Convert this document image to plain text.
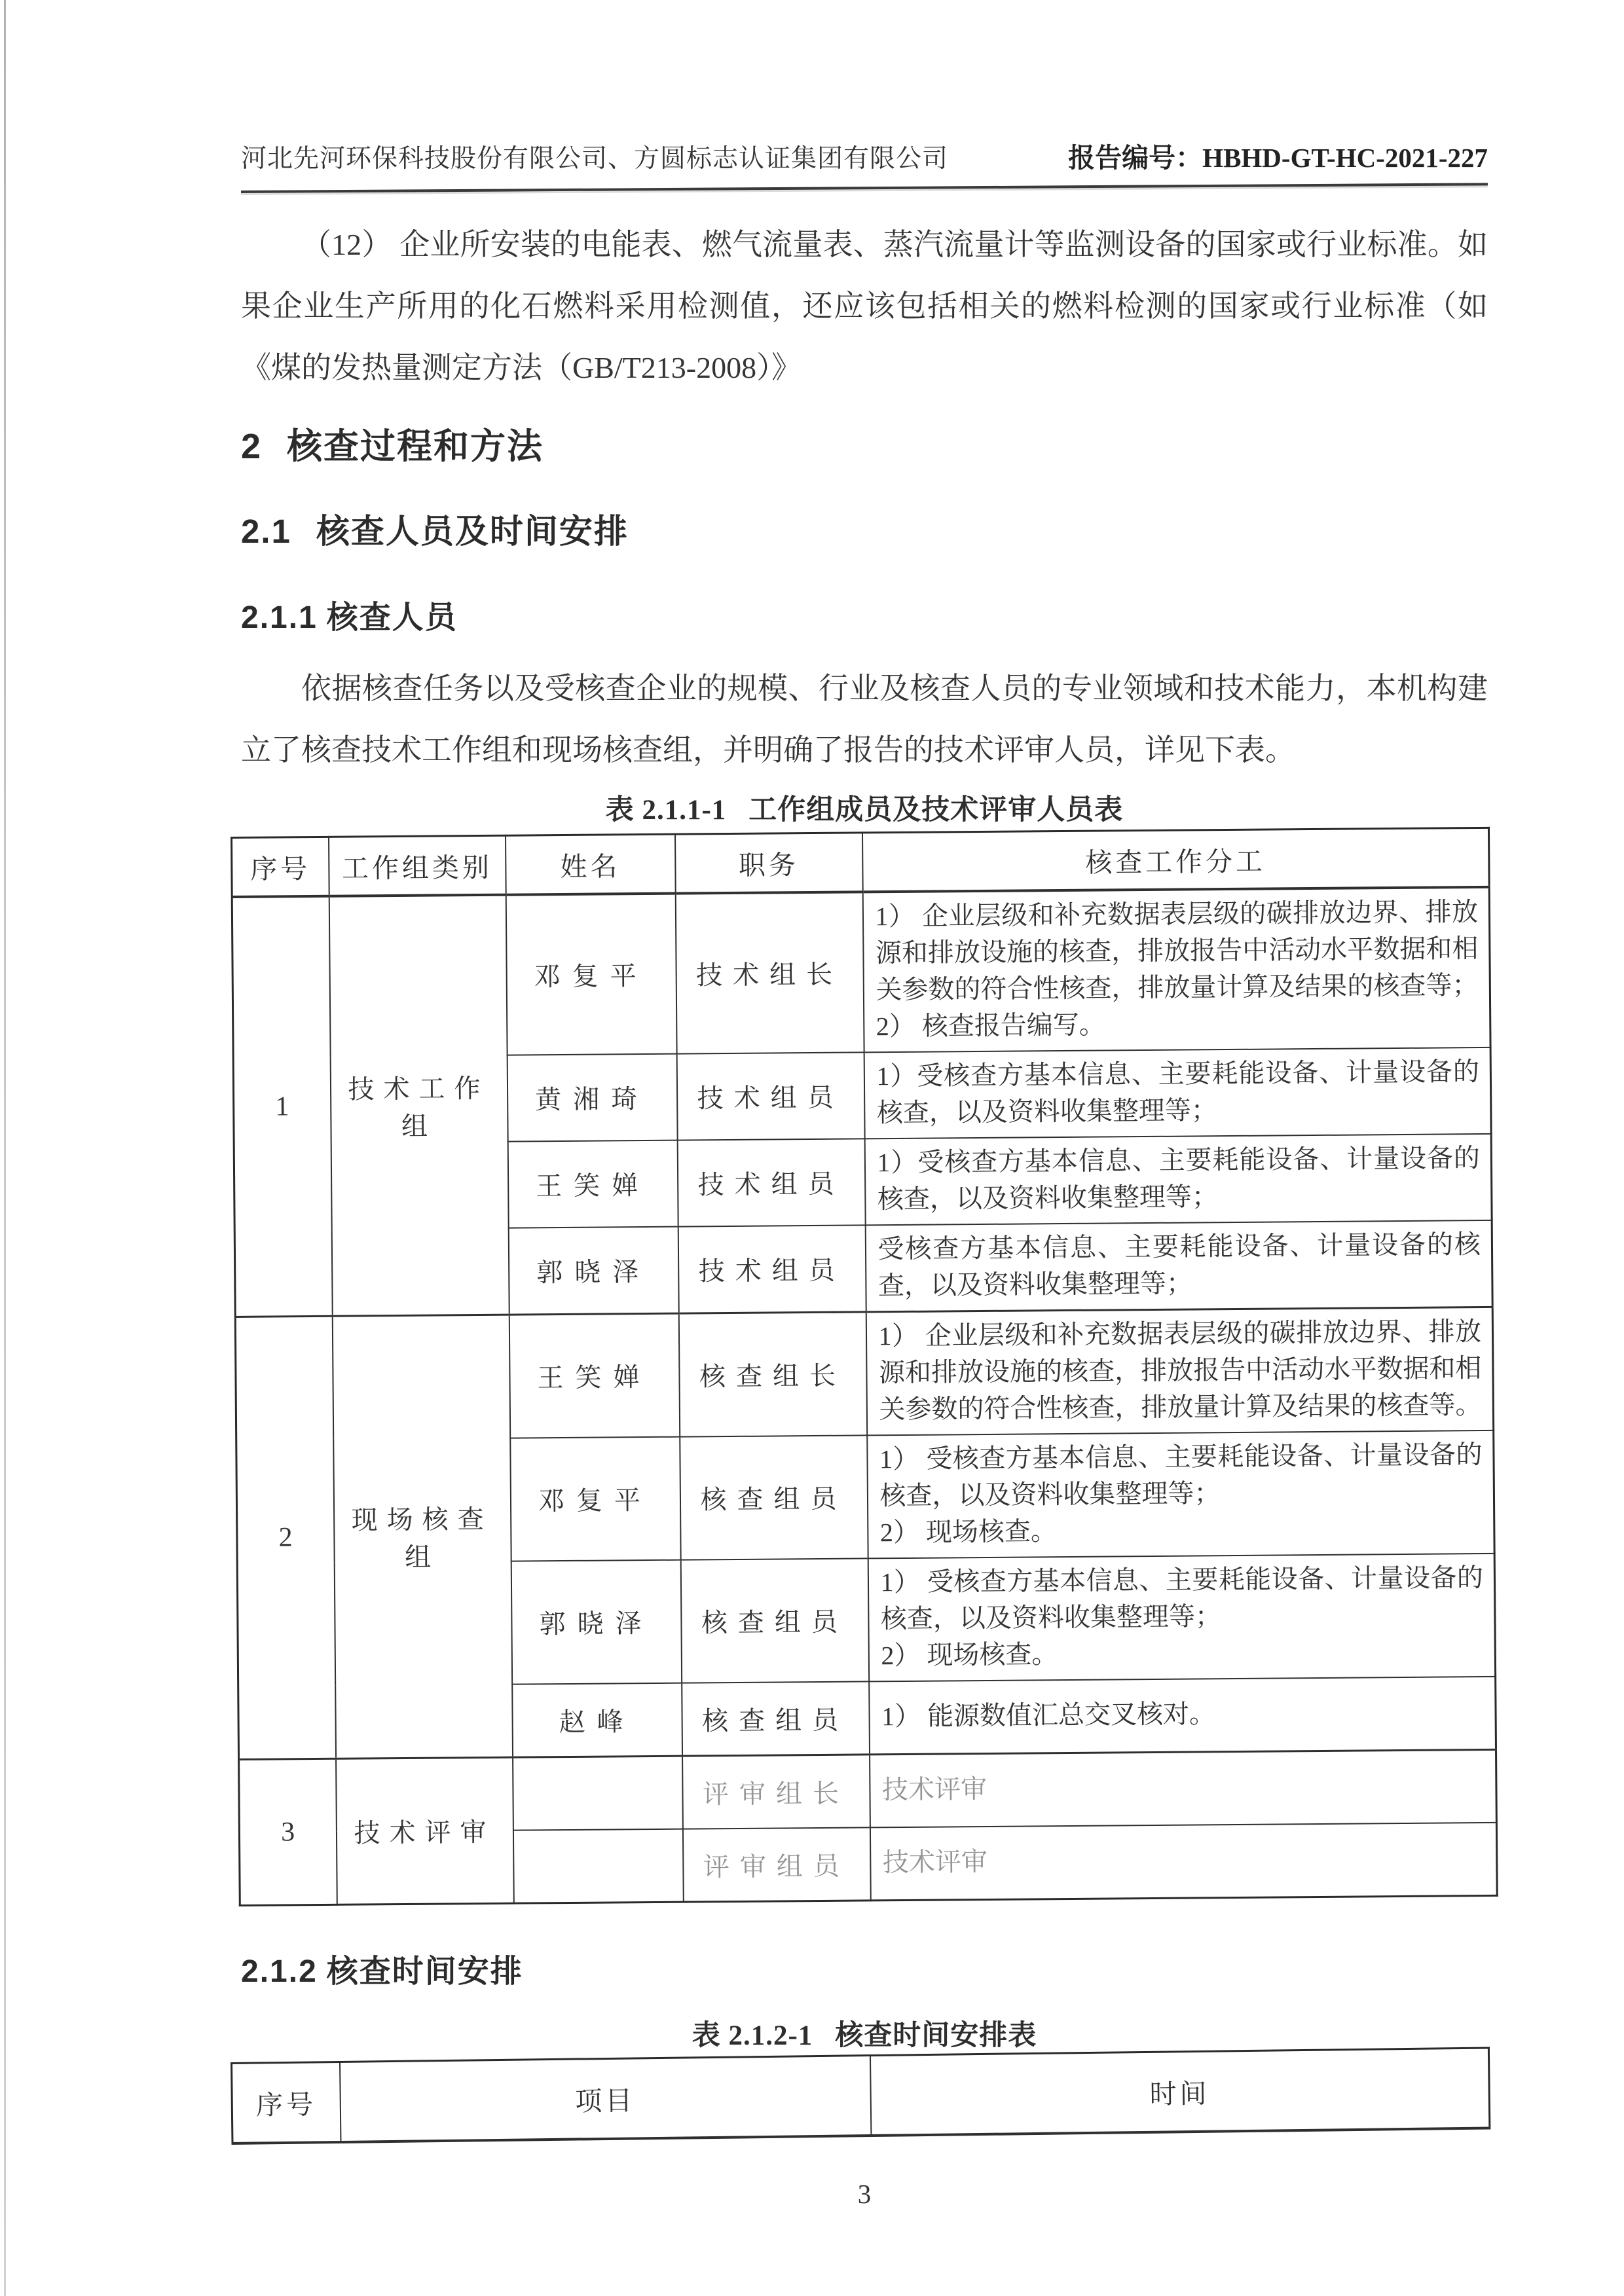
河北先河环保科技股份有限公司、方圆标志认证集团有限公司	报告编号：HBHD-GT-HC-2021-227

（12） 企业所安装的电能表、燃气流量表、蒸汽流量计等监测设备的国家或行业标准。如果企业生产所用的化石燃料采用检测值，还应该包括相关的燃料检测的国家或行业标准（如《煤的发热量测定方法（GB/T213-2008）》

2 核查过程和方法
2.1 核查人员及时间安排
2.1.1 核查人员

依据核查任务以及受核查企业的规模、行业及核查人员的专业领域和技术能力，本机构建立了核查技术工作组和现场核查组，并明确了报告的技术评审人员，详见下表。

表 2.1.1-1 工作组成员及技术评审人员表
序号	工作组类别	姓名	职务	核查工作分工
1	技术工作组	邓复平	技术组长	1） 企业层级和补充数据表层级的碳排放边界、排放源和排放设施的核查，排放报告中活动水平数据和相关参数的符合性核查，排放量计算及结果的核查等；
2） 核查报告编写。

		黄湘琦	技术组员	1）受核查方基本信息、主要耗能设备、计量设备的核查，以及资料收集整理等；

		王笑婵	技术组员	1）受核查方基本信息、主要耗能设备、计量设备的核查，以及资料收集整理等；

		郭晓泽	技术组员	受核查方基本信息、主要耗能设备、计量设备的核查，以及资料收集整理等；

2	现场核查组	王笑婵	核查组长	1） 企业层级和补充数据表层级的碳排放边界、排放源和排放设施的核查，排放报告中活动水平数据和相关参数的符合性核查，排放量计算及结果的核查等。

		邓复平	核查组员	1） 受核查方基本信息、主要耗能设备、计量设备的核查，以及资料收集整理等；
2） 现场核查。

		郭晓泽	核查组员	1） 受核查方基本信息、主要耗能设备、计量设备的核查，以及资料收集整理等；
2） 现场核查。

		赵峰	核查组员	1） 能源数值汇总交叉核对。

3	技术评审		评审组长	技术评审

			评审组员	技术评审
2.1.2 核查时间安排
表 2.1.2-1 核查时间安排表
序号	项目	时间
3
